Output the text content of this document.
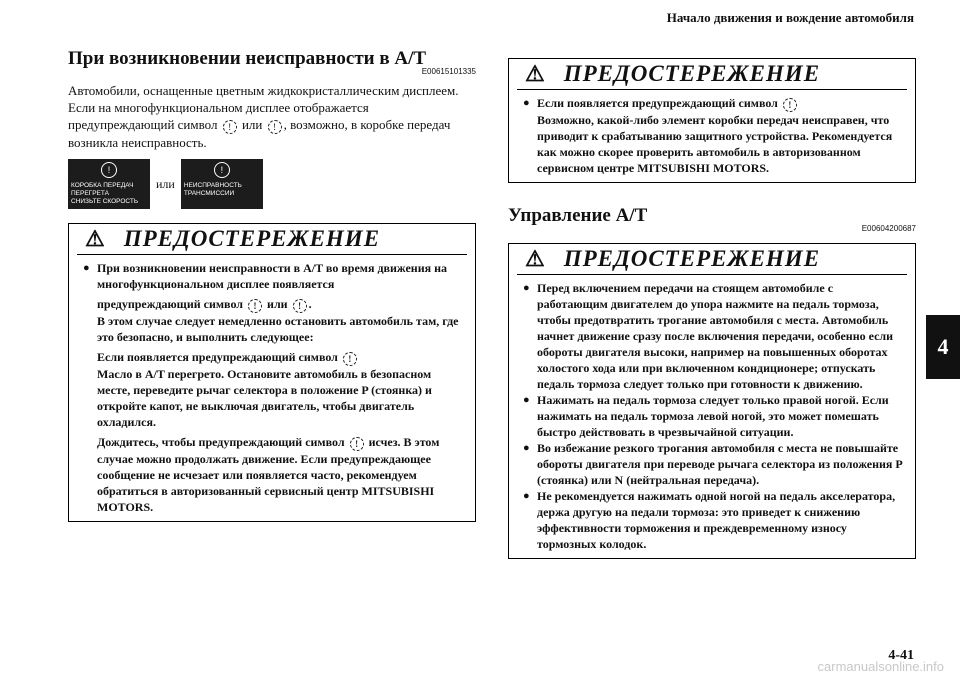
Начало движения и вождение автомобиля
4
При возникновении неисправности в A/T
E00615101335
Автомобили, оснащенные цветным жидкокристаллическим дисплеем.
Если на многофункциональном дисплее отображается предупреждающий символ ! или ! , возможно, в коробке передач возникла неисправность.
!
КОРОБКА ПЕРЕДАЧ
ПЕРЕГРЕТА
СНИЗЬТЕ СКОРОСТЬ
или
!
НЕИСПРАВНОСТЬ
ТРАНСМИССИИ
⚠ ПРЕДОСТЕРЕЖЕНИЕ
● При возникновении неисправности в A/T во время движения на многофункциональном дисплее появляется
предупреждающий символ ! или ! .
В этом случае следует немедленно остановить автомобиль там, где это безопасно, и выполнить следующее:
Если появляется предупреждающий символ !
Масло в A/T перегрето. Остановите автомобиль в безопасном месте, переведите рычаг селектора в положение P (стоянка) и откройте капот, не выключая двигатель, чтобы двигатель охладился.
Дождитесь, чтобы предупреждающий символ ! исчез. В этом случае можно продолжать движение. Если предупреждающее сообщение не исчезает или появляется часто, рекомендуем обратиться в авторизованный сервисный центр MITSUBISHI MOTORS.
⚠ ПРЕДОСТЕРЕЖЕНИЕ
● Если появляется предупреждающий символ !
Возможно, какой-либо элемент коробки передач неисправен, что приводит к срабатыванию защитного устройства. Рекомендуется как можно скорее проверить автомобиль в авторизованном сервисном центре MITSUBISHI MOTORS.
Управление A/T
E00604200687
⚠ ПРЕДОСТЕРЕЖЕНИЕ
● Перед включением передачи на стоящем автомобиле с работающим двигателем до упора нажмите на педаль тормоза, чтобы предотвратить трогание автомобиля с места. Автомобиль начнет движение сразу после включения передачи, особенно если обороты двигателя высоки, например на повышенных оборотах холостого хода или при включенном кондиционере; отпускать педаль тормоза следует только при готовности к движению.
● Нажимать на педаль тормоза следует только правой ногой. Если нажимать на педаль тормоза левой ногой, это может помешать быстро действовать в чрезвычайной ситуации.
● Во избежание резкого трогания автомобиля с места не повышайте обороты двигателя при переводе рычага селектора из положения P (стоянка) или N (нейтральная передача).
● Не рекомендуется нажимать одной ногой на педаль акселератора, держа другую на педали тормоза: это приведет к снижению эффективности торможения и преждевременному износу тормозных колодок.
4-41
carmanualsonline.info
